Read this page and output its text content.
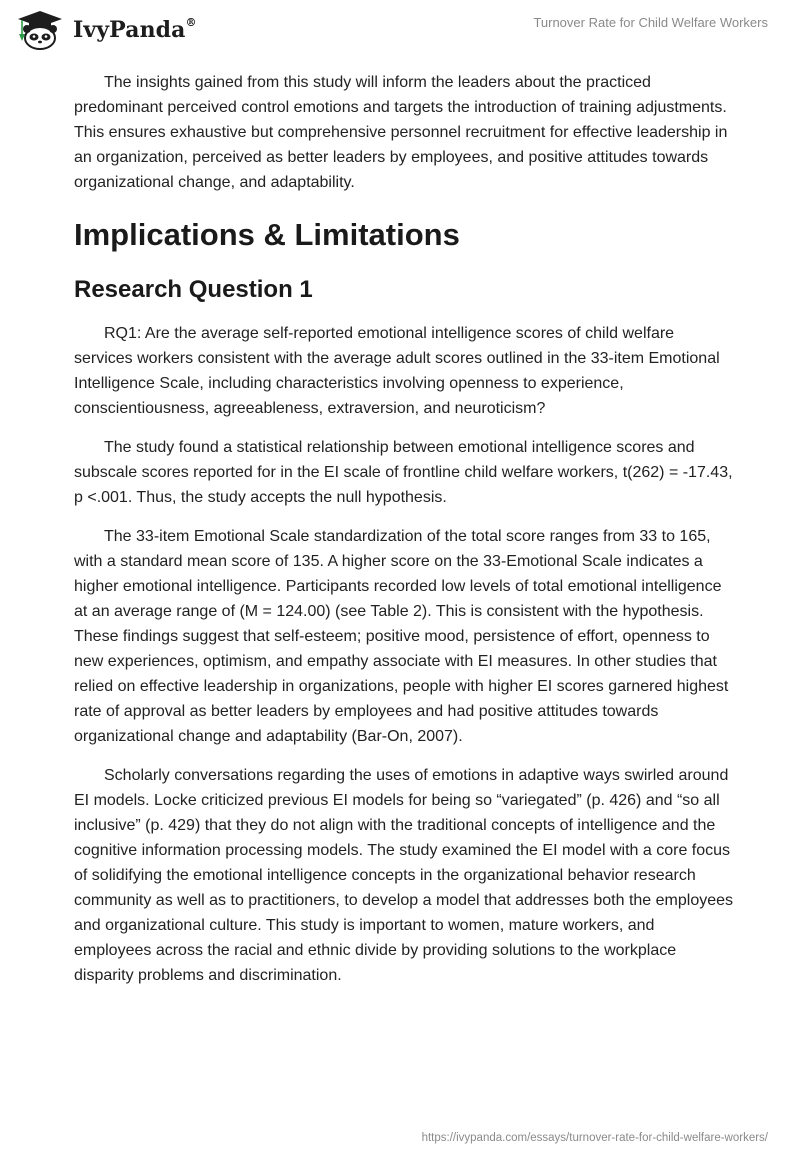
IvyPanda®	Turnover Rate for Child Welfare Workers

The insights gained from this study will inform the leaders about the practiced predominant perceived control emotions and targets the introduction of training adjustments. This ensures exhaustive but comprehensive personnel recruitment for effective leadership in an organization, perceived as better leaders by employees, and positive attitudes towards organizational change, and adaptability.

Implications & Limitations
Research Question 1

RQ1: Are the average self-reported emotional intelligence scores of child welfare services workers consistent with the average adult scores outlined in the 33-item Emotional Intelligence Scale, including characteristics involving openness to experience, conscientiousness, agreeableness, extraversion, and neuroticism?

The study found a statistical relationship between emotional intelligence scores and subscale scores reported for in the EI scale of frontline child welfare workers, t(262) = -17.43, p <.001. Thus, the study accepts the null hypothesis.

The 33-item Emotional Scale standardization of the total score ranges from 33 to 165, with a standard mean score of 135. A higher score on the 33-Emotional Scale indicates a higher emotional intelligence. Participants recorded low levels of total emotional intelligence at an average range of (M = 124.00) (see Table 2). This is consistent with the hypothesis. These findings suggest that self-esteem; positive mood, persistence of effort, openness to new experiences, optimism, and empathy associate with EI measures. In other studies that relied on effective leadership in organizations, people with higher EI scores garnered highest rate of approval as better leaders by employees and had positive attitudes towards organizational change and adaptability (Bar-On, 2007).

Scholarly conversations regarding the uses of emotions in adaptive ways swirled around EI models. Locke criticized previous EI models for being so “variegated” (p. 426) and “so all inclusive” (p. 429) that they do not align with the traditional concepts of intelligence and the cognitive information processing models. The study examined the EI model with a core focus of solidifying the emotional intelligence concepts in the organizational behavior research community as well as to practitioners, to develop a model that addresses both the employees and organizational culture. This study is important to women, mature workers, and employees across the racial and ethnic divide by providing solutions to the workplace disparity problems and discrimination.

https://ivypanda.com/essays/turnover-rate-for-child-welfare-workers/
